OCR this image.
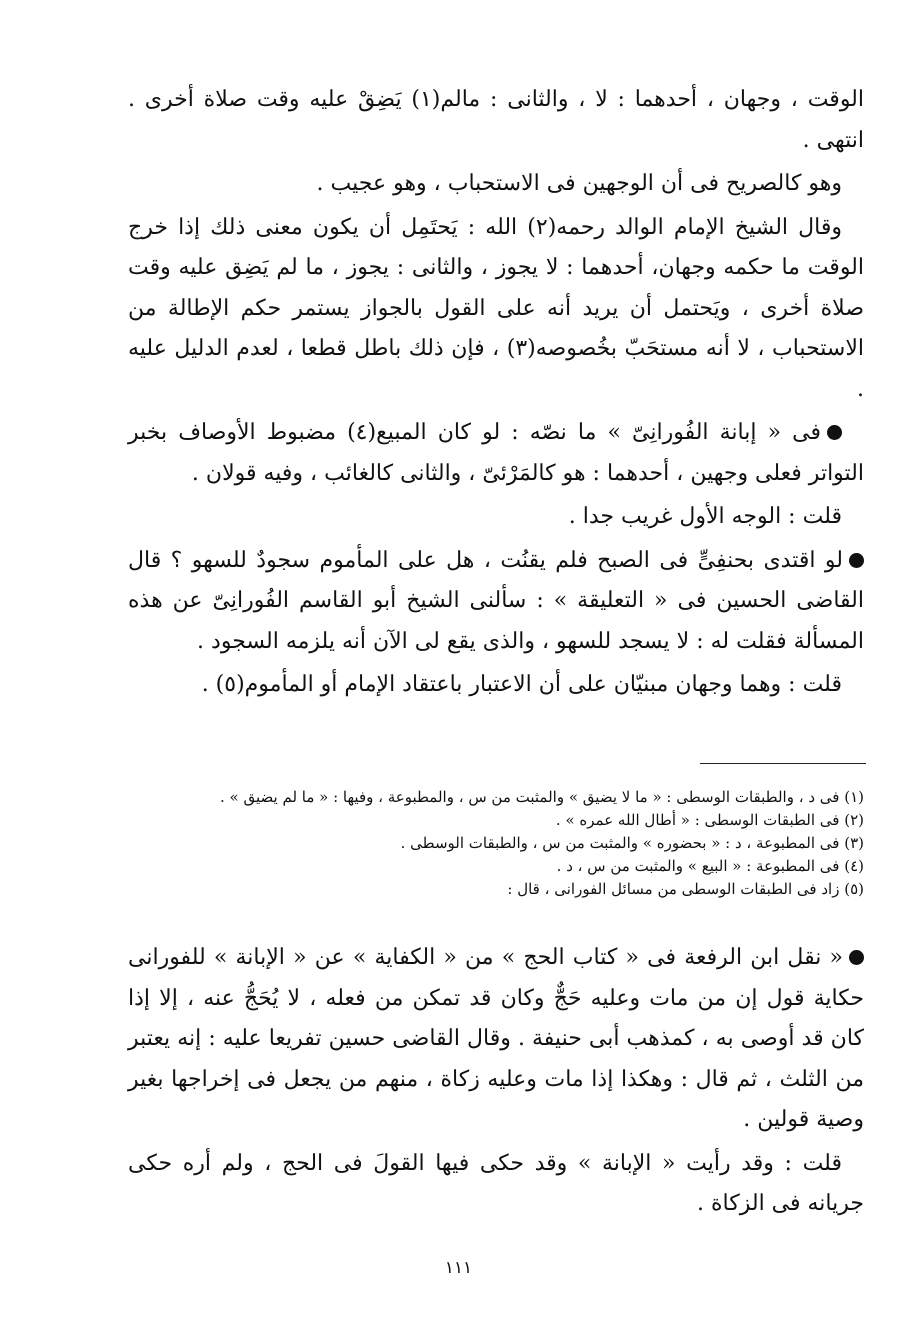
الوقت ، وجهان ، أحدهما : لا ، والثانى : مالم(١) يَضِقْ عليه وقت صلاة أخرى . انتهى .

وهو كالصريح فى أن الوجهين فى الاستحباب ، وهو عجيب .

وقال الشيخ الإمام الوالد رحمه(٢) الله : يَحتَمِل أن يكون معنى ذلك إذا خرج الوقت ما حكمه وجهان، أحدهما : لا يجوز ، والثانى : يجوز ، ما لم يَضِق عليه وقت صلاة أخرى ، ويَحتمل أن يريد أنه على القول بالجواز يستمر حكم الإطالة من الاستحباب ، لا أنه مستحَبّ بخُصوصه(٣) ، فإن ذلك باطل قطعا ، لعدم الدليل عليه .

فى « إبانة الفُورانِىّ » ما نصّه : لو كان المبيع(٤) مضبوط الأوصاف بخبر التواتر فعلى وجهين ، أحدهما : هو كالمَرْئىّ ، والثانى كالغائب ، وفيه قولان .

قلت : الوجه الأول غريب جدا .

لو اقتدى بحنفِىٍّ فى الصبح فلم يقنُت ، هل على المأموم سجودٌ للسهو ؟ قال القاضى الحسين فى « التعليقة » : سألنى الشيخ أبو القاسم الفُورانِىّ عن هذه المسألة فقلت له : لا يسجد للسهو ، والذى يقع لى الآن أنه يلزمه السجود .

قلت : وهما وجهان مبنيّان على أن الاعتبار باعتقاد الإمام أو المأموم(٥) .

(١) فى د ، والطبقات الوسطى : « ما لا يضيق » والمثبت من س ، والمطبوعة ، وفيها : « ما لم يضيق » .
(٢) فى الطبقات الوسطى : « أطال الله عمره » .
(٣) فى المطبوعة ، د : « بحضوره » والمثبت من س ، والطبقات الوسطى .
(٤) فى المطبوعة : « البيع » والمثبت من س ، د .
(٥) زاد فى الطبقات الوسطى من مسائل الفورانى ، قال :

« نقل ابن الرفعة فى « كتاب الحج » من « الكفاية » عن « الإبانة » للفورانى حكاية قول إن من مات وعليه حَجٌّ وكان قد تمكن من فعله ، لا يُحَجُّ عنه ، إلا إذا كان قد أوصى به ، كمذهب أبى حنيفة . وقال القاضى حسين تفريعا عليه : إنه يعتبر من الثلث ، ثم قال : وهكذا إذا مات وعليه زكاة ، منهم من يجعل فى إخراجها بغير وصية قولين .

قلت : وقد رأيت « الإبانة » وقد حكى فيها القولَ فى الحج ، ولم أره حكى جريانه فى الزكاة .

١١١
